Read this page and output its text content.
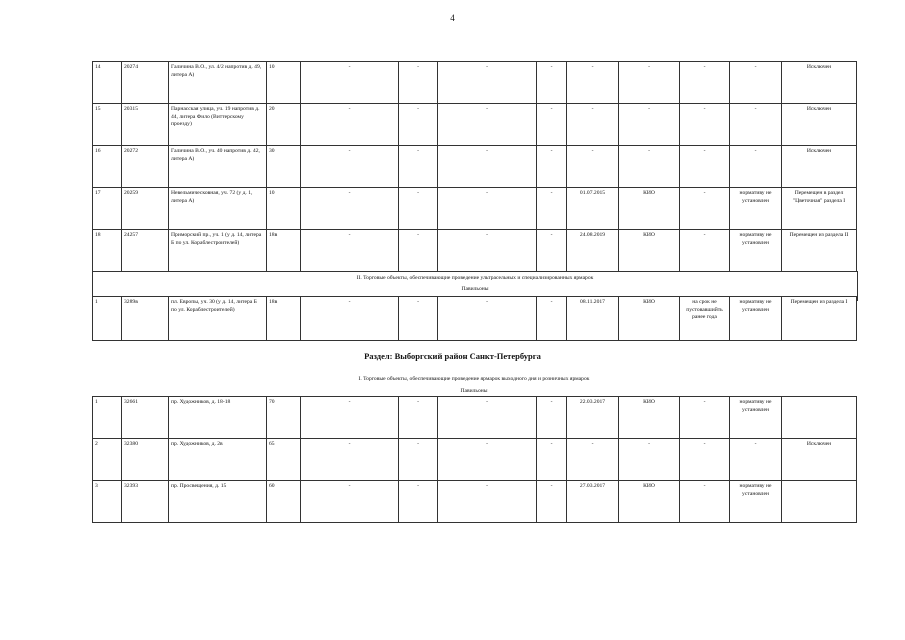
4
14	20274	Галичина В.О., ул. 4/2 напротив д. 49, литера А)	10	-	-	-	-	-	-	-	-	Исключен
15	20315	Парнасская улица, уч. 19 напротив д. 44, литера Фило (Виттерскому проезду)	20	-	-	-	-	-	-	-	-	Исключен
16	20272	Галичина В.О., уч. 40 напротив д. 42, литера А)	30	-	-	-	-	-	-	-	-	Исключен
17	20259	Невельмическовная, уч. 72 (у д. 1, литера А)	10	-	-	-	-	01.07.2015	КИО	-	нормативу не установлен	Перемещен в раздел "Цветочная" раздела I
18	24257	Приморский пр., уч. 1 (у д. 14, литера Б по ул. Кораблестроителей)	18в	-	-	-	-	24.08.2019	КИО	-	нормативу не установлен	Перемещен из раздела II
II. Торговые объекты, обеспечивающие проведение ультрасельных и специализированных ярмарок
Павильоны
1	3289в	пл. Европы, уч. 30 (у д. 14, литера Б по ул. Кораблестроителей)	18в	-	-	-	-	08.11.2017	КИО	на срок не пустовавшийть ранее года	нормативу не установлен	Перемещен из раздела I
Раздел: Выборгский район Санкт-Петербурга
I. Торговые объекты, обеспечивающие проведение ярмарок выходного дня и розничных ярмарок
Павильоны
1	32661	пр. Художников, д. 18-18	70	-	-	-	-	22.03.2017	КИО	-	нормативу не установлен	
2	32380	пр. Художников, д. 2в	65	-	-	-	-	-	-	-	-	Исключен
3	32393	пр. Просвещения, д. 15	60	-	-	-	-	27.03.2017	КИО	-	нормативу не установлен	
